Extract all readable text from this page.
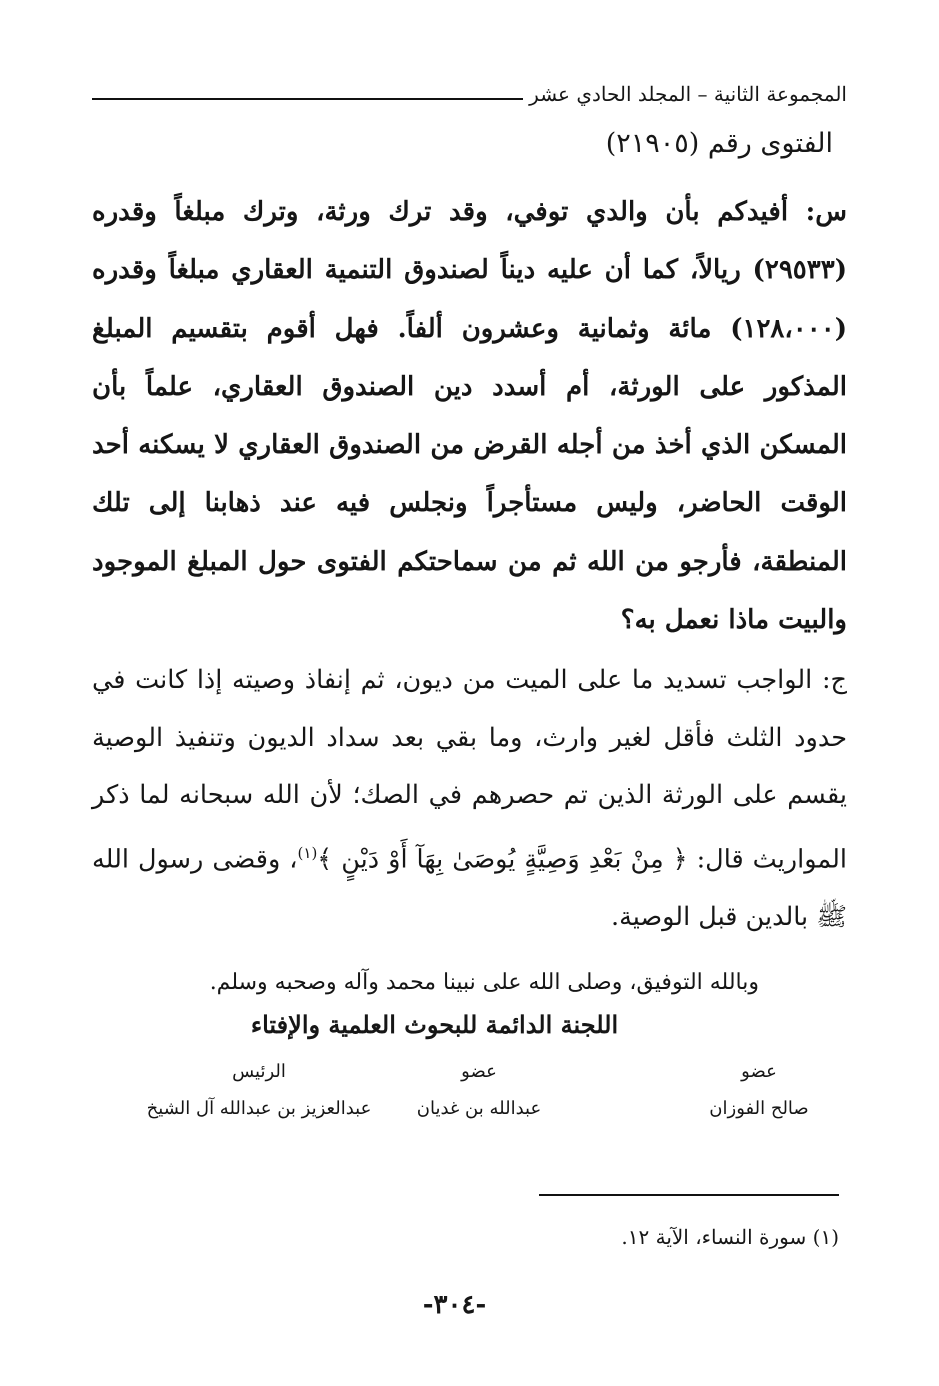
المجموعة الثانية – المجلد الحادي عشر
الفتوى رقم (٢١٩٠٥)

س: أفيدكم بأن والدي توفي، وقد ترك ورثة، وترك مبلغاً وقدره (٢٩٥٣٣) ريالاً، كما أن عليه ديناً لصندوق التنمية العقاري مبلغاً وقدره (١٢٨،٠٠٠) مائة وثمانية وعشرون ألفاً. فهل أقوم بتقسيم المبلغ المذكور على الورثة، أم أسدد دين الصندوق العقاري، علماً بأن المسكن الذي أخذ من أجله القرض من الصندوق العقاري لا يسكنه أحد الوقت الحاضر، وليس مستأجراً ونجلس فيه عند ذهابنا إلى تلك المنطقة، فأرجو من الله ثم من سماحتكم الفتوى حول المبلغ الموجود والبيت ماذا نعمل به؟

ج: الواجب تسديد ما على الميت من ديون، ثم إنفاذ وصيته إذا كانت في حدود الثلث فأقل لغير وارث، وما بقي بعد سداد الديون وتنفيذ الوصية يقسم على الورثة الذين تم حصرهم في الصك؛ لأن الله سبحانه لما ذكر المواريث قال: ﴿ مِنْ بَعْدِ وَصِيَّةٍ يُوصَىٰ بِهَآ أَوْ دَيْنٍ ﴾$^{(١)}$، وقضى رسول الله ﷺ بالدين قبل الوصية.

وبالله التوفيق، وصلى الله على نبينا محمد وآله وصحبه وسلم.
اللجنة الدائمة للبحوث العلمية والإفتاء
عضو
صالح الفوزان
عضو
عبدالله بن غديان
الرئيس
عبدالعزيز بن عبدالله آل الشيخ
(١) سورة النساء، الآية ١٢.
-٣٠٤-
